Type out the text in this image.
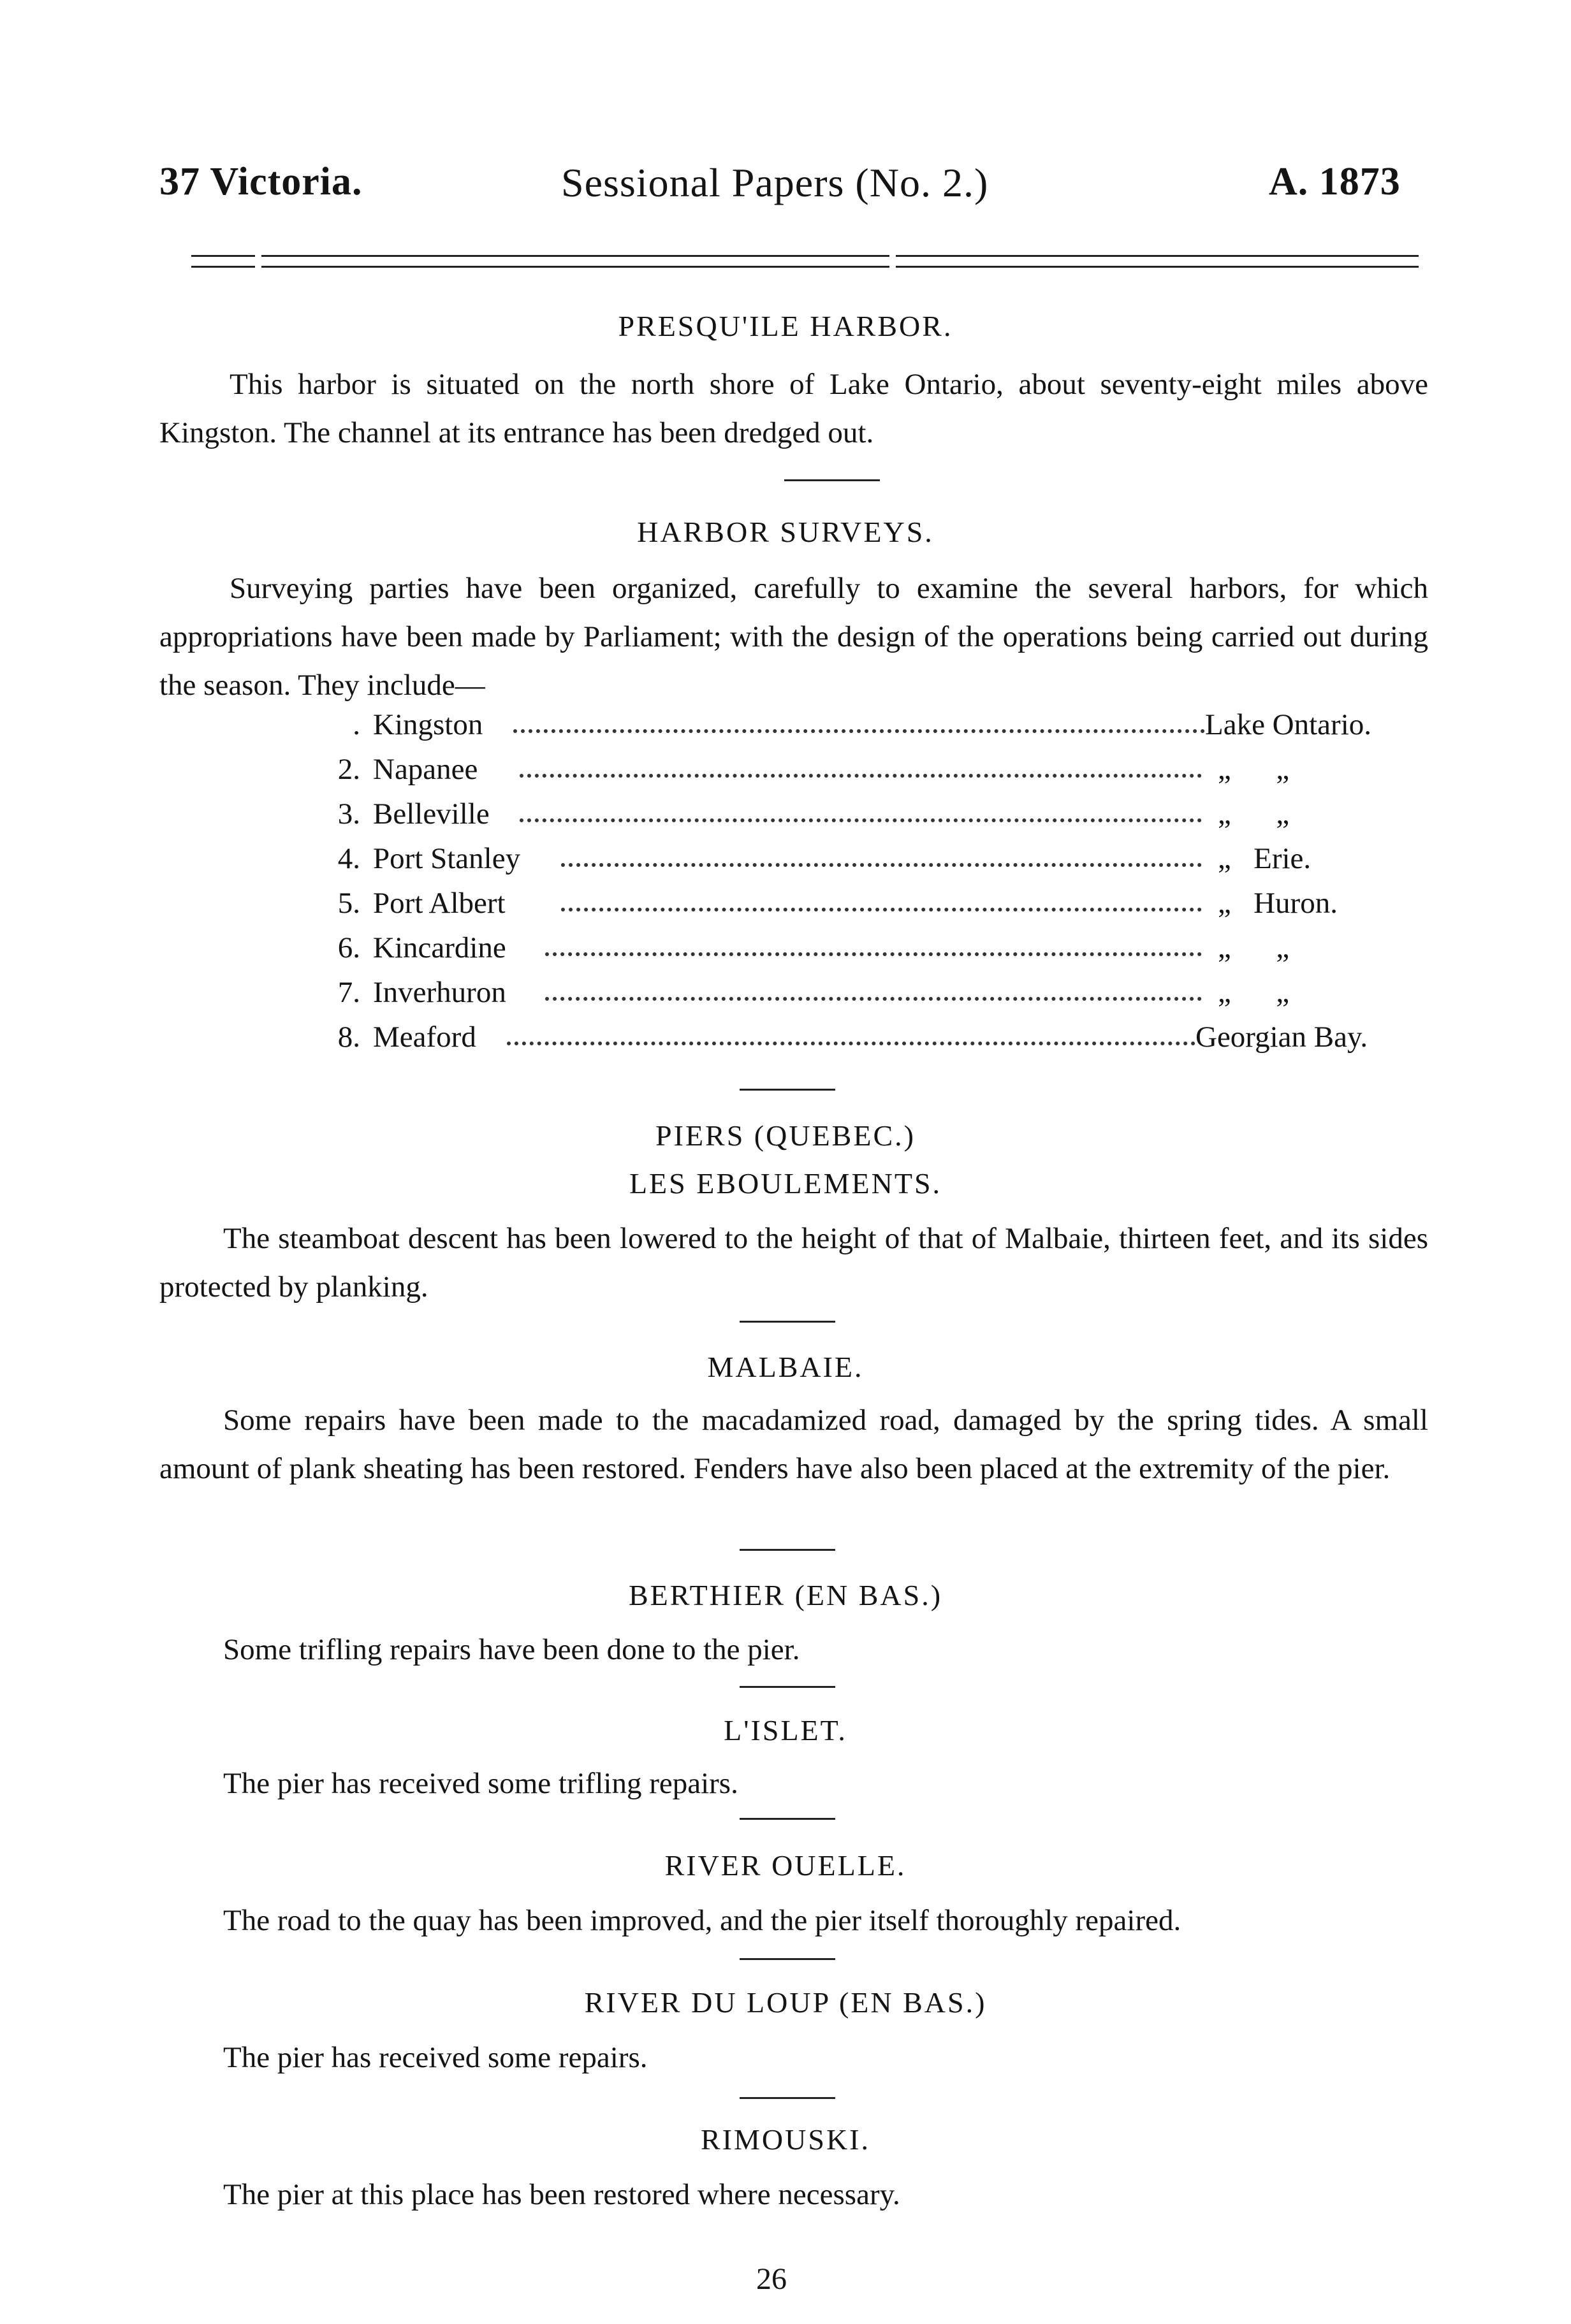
37 Victoria.	Sessional Papers (No. 2.)	A. 1873
PRESQU'ILE HARBOR.

This harbor is situated on the north shore of Lake Ontario, about seventy-eight miles above Kingston. The channel at its entrance has been dredged out.

HARBOR SURVEYS.

Surveying parties have been organized, carefully to examine the several harbors, for which appropriations have been made by Parliament; with the design of the operations being carried out during the season. They include—

. Kingston	Lake Ontario.
2. Napanee	„      „
3. Belleville	„      „
4. Port Stanley	„   Erie.
5. Port Albert	„   Huron.
6. Kincardine	„      „
7. Inverhuron	„      „
8. Meaford	Georgian Bay.
PIERS (QUEBEC.)
LES EBOULEMENTS.

The steamboat descent has been lowered to the height of that of Malbaie, thirteen feet, and its sides protected by planking.

MALBAIE.

Some repairs have been made to the macadamized road, damaged by the spring tides. A small amount of plank sheating has been restored. Fenders have also been placed at the extremity of the pier.

BERTHIER (EN BAS.)

Some trifling repairs have been done to the pier.

L'ISLET.

The pier has received some trifling repairs.

RIVER OUELLE.

The road to the quay has been improved, and the pier itself thoroughly repaired.

RIVER DU LOUP (EN BAS.)

The pier has received some repairs.

RIMOUSKI.

The pier at this place has been restored where necessary.

26
